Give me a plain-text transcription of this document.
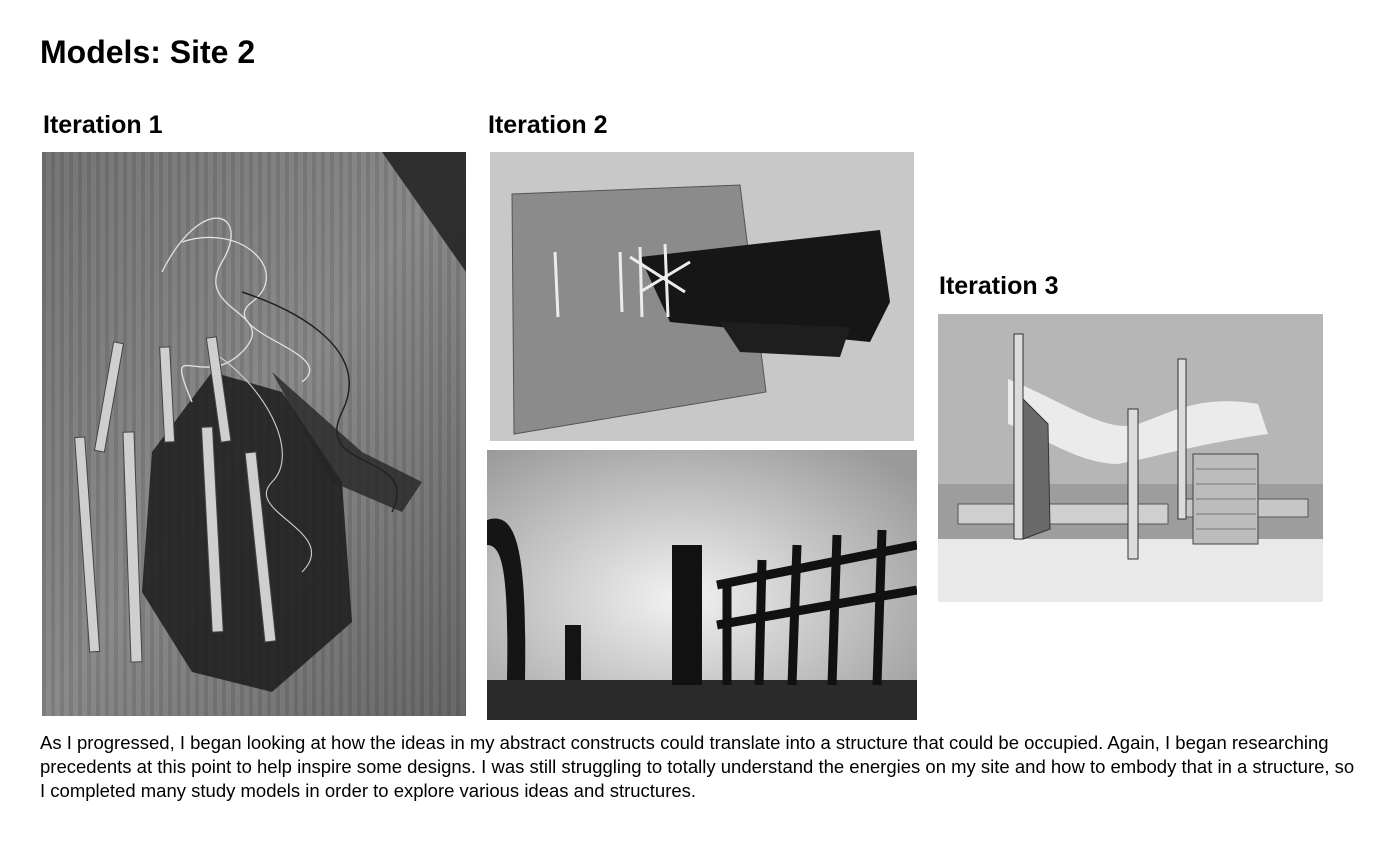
Models: Site 2
Iteration 1	Iteration 2
Iteration 3

As I progressed, I began looking at how the ideas in my abstract constructs could translate into a structure that could be occupied. Again, I began researching precedents at this point to help inspire some designs. I was still struggling to totally understand the energies on my site and how to embody that in a structure, so I completed many study models in order to explore various ideas and structures.
